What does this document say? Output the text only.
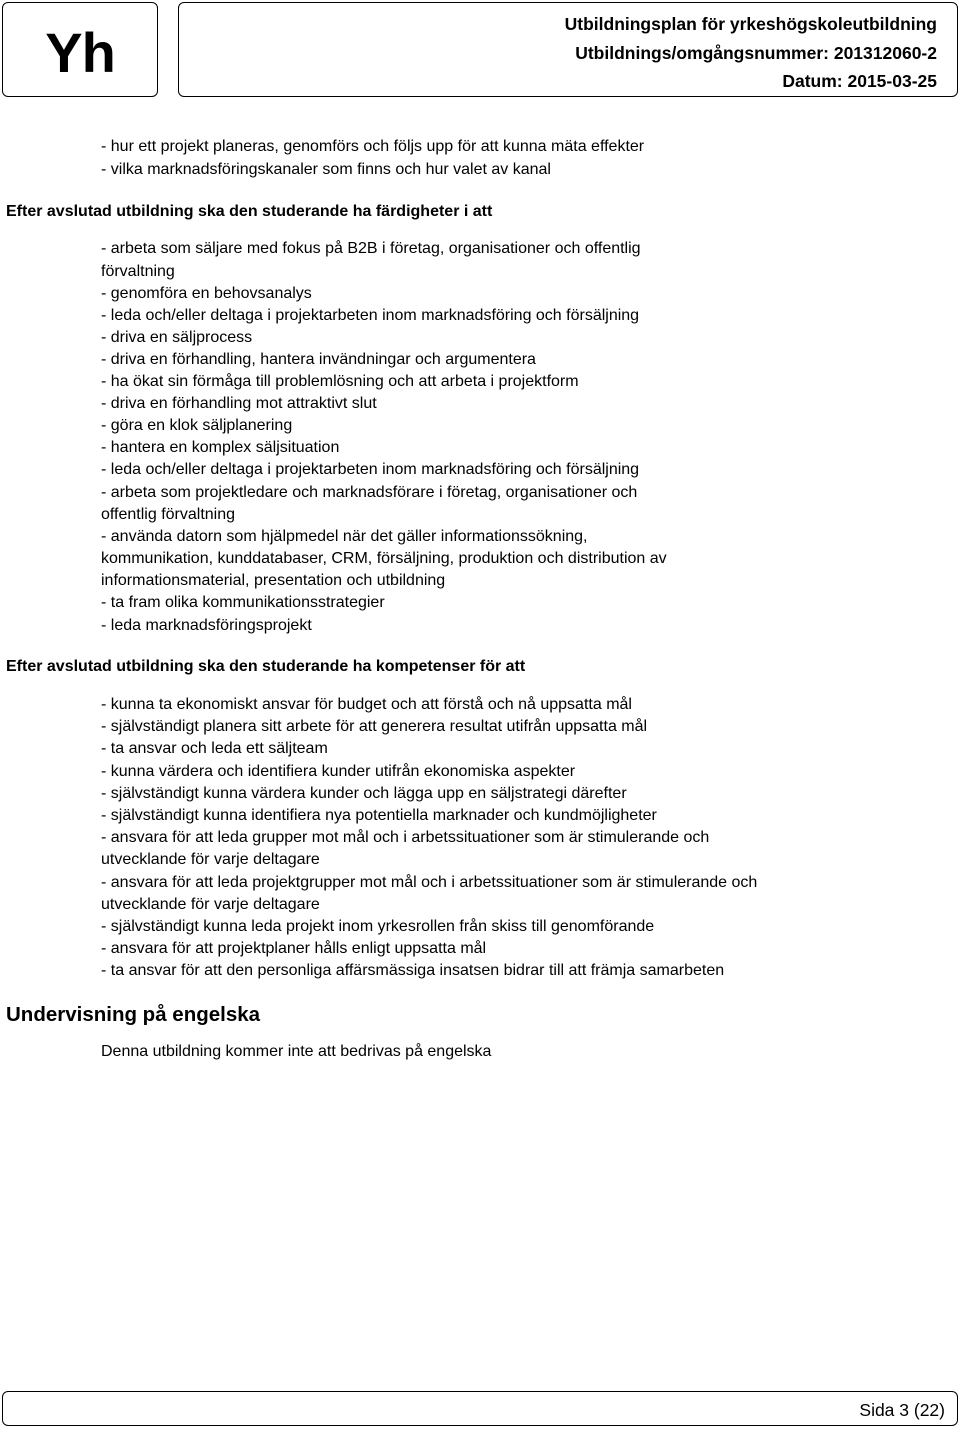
Yh	Utbildningsplan för yrkeshögskoleutbildning
Utbildnings/omgångsnummer: 201312060-2
Datum: 2015-03-25
- hur ett projekt planeras, genomförs och följs upp för att kunna mäta effekter
- vilka marknadsföringskanaler som finns och hur valet av kanal
Efter avslutad utbildning ska den studerande ha färdigheter i att
- arbeta som säljare med fokus på B2B i företag, organisationer och offentlig
förvaltning
- genomföra en behovsanalys
- leda och/eller deltaga i projektarbeten inom marknadsföring och försäljning
- driva en säljprocess
- driva en förhandling, hantera invändningar och argumentera
- ha ökat sin förmåga till problemlösning och att arbeta i projektform
- driva en förhandling mot attraktivt slut
- göra en klok säljplanering
- hantera en komplex säljsituation
- leda och/eller deltaga i projektarbeten inom marknadsföring och försäljning
- arbeta som projektledare och marknadsförare i företag, organisationer och
offentlig förvaltning
- använda datorn som hjälpmedel när det gäller informationssökning,
kommunikation, kunddatabaser, CRM, försäljning, produktion och distribution av
informationsmaterial, presentation och utbildning
- ta fram olika kommunikationsstrategier
- leda marknadsföringsprojekt
Efter avslutad utbildning ska den studerande ha kompetenser för att
- kunna ta ekonomiskt ansvar för budget och att förstå och nå uppsatta mål
- självständigt planera sitt arbete för att generera resultat utifrån uppsatta mål
- ta ansvar och leda ett säljteam
- kunna värdera och identifiera kunder utifrån ekonomiska aspekter
- självständigt kunna värdera kunder och lägga upp en säljstrategi därefter
- självständigt kunna identifiera nya potentiella marknader och kundmöjligheter
- ansvara för att leda grupper mot mål och i arbetssituationer som är stimulerande och
utvecklande för varje deltagare
- ansvara för att leda projektgrupper mot mål och i arbetssituationer som är stimulerande och
utvecklande för varje deltagare
- självständigt kunna leda projekt inom yrkesrollen från skiss till genomförande
- ansvara för att projektplaner hålls enligt uppsatta mål
- ta ansvar för att den personliga affärsmässiga insatsen bidrar till att främja samarbeten
Undervisning på engelska
Denna utbildning kommer inte att bedrivas på engelska
Sida 3 (22)
